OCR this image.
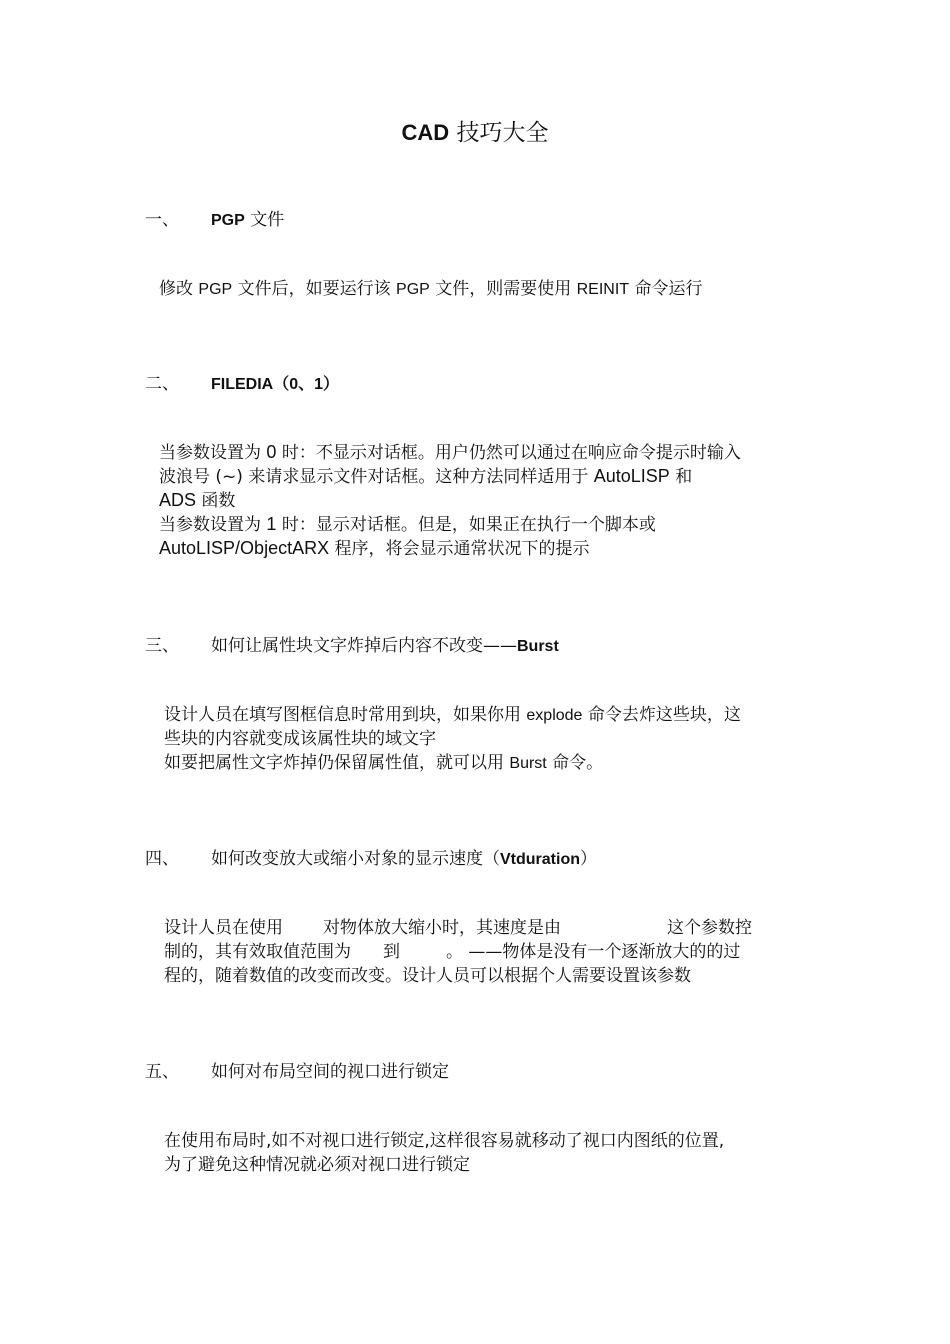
CAD 技巧大全
一、 PGP 文件
修改 PGP 文件后，如要运行该 PGP 文件，则需要使用 REINIT 命令运行
二、 FILEDIA（0、1）
当参数设置为 0 时：不显示对话框。用户仍然可以通过在响应命令提示时输入
波浪号 (~) 来请求显示文件对话框。这种方法同样适用于 AutoLISP 和
ADS 函数
当参数设置为 1 时：显示对话框。但是，如果正在执行一个脚本或
AutoLISP/ObjectARX 程序，将会显示通常状况下的提示
三、 如何让属性块文字炸掉后内容不改变——Burst
设计人员在填写图框信息时常用到块，如果你用 explode 命令去炸这些块，这
些块的内容就变成该属性块的域文字
如要把属性文字炸掉仍保留属性值，就可以用 Burst 命令。
四、 如何改变放大或缩小对象的显示速度（Vtduration）
设计人员在使用 对物体放大缩小时，其速度是由	这个参数控
制的，其有效取值范围为 到	。 ——物体是没有一个逐渐放大的的过
程的，随着数值的改变而改变。设计人员可以根据个人需要设置该参数
五、 如何对布局空间的视口进行锁定
在使用布局时,如不对视口进行锁定,这样很容易就移动了视口内图纸的位置,
为了避免这种情况就必须对视口进行锁定
